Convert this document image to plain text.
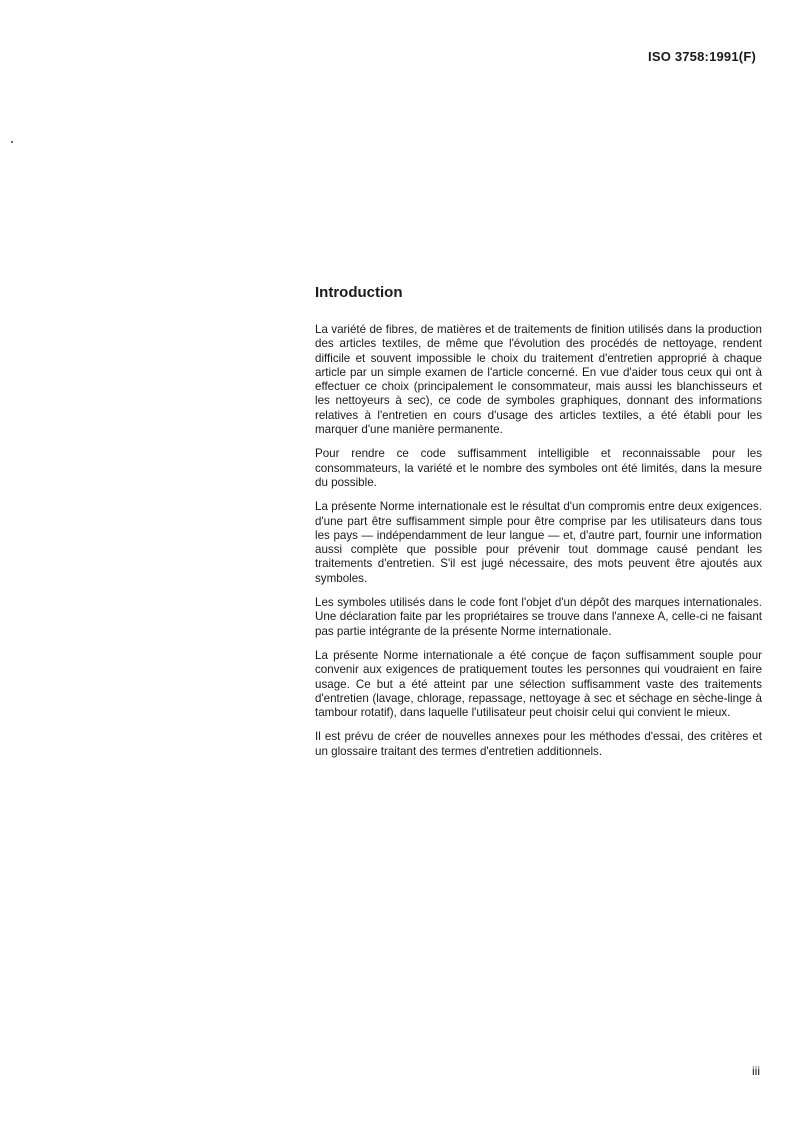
ISO 3758:1991(F)

Introduction

La variété de fibres, de matières et de traitements de finition utilisés dans la production des articles textiles, de même que l'évolution des procédés de nettoyage, rendent difficile et souvent impossible le choix du traitement d'entretien approprié à chaque article par un simple examen de l'article concerné. En vue d'aider tous ceux qui ont à effectuer ce choix (principalement le consommateur, mais aussi les blanchisseurs et les nettoyeurs à sec), ce code de symboles graphiques, donnant des informations relatives à l'entretien en cours d'usage des articles textiles, a été établi pour les marquer d'une manière permanente.

Pour rendre ce code suffisamment intelligible et reconnaissable pour les consommateurs, la variété et le nombre des symboles ont été limités, dans la mesure du possible.

La présente Norme internationale est le résultat d'un compromis entre deux exigences. d'une part être suffisamment simple pour être comprise par les utilisateurs dans tous les pays — indépendamment de leur langue — et, d'autre part, fournir une information aussi complète que possible pour prévenir tout dommage causé pendant les traitements d'entretien. S'il est jugé nécessaire, des mots peuvent être ajoutés aux symboles.

Les symboles utilisés dans le code font l'objet d'un dépôt des marques internationales. Une déclaration faite par les propriétaires se trouve dans l'annexe A, celle-ci ne faisant pas partie intégrante de la présente Norme internationale.

La présente Norme internationale a été conçue de façon suffisamment souple pour convenir aux exigences de pratiquement toutes les personnes qui voudraient en faire usage. Ce but a été atteint par une sélection suffisamment vaste des traitements d'entretien (lavage, chlorage, repassage, nettoyage à sec et séchage en sèche-linge à tambour rotatif), dans laquelle l'utilisateur peut choisir celui qui convient le mieux.

Il est prévu de créer de nouvelles annexes pour les méthodes d'essai, des critères et un glossaire traitant des termes d'entretien additionnels.

iii
